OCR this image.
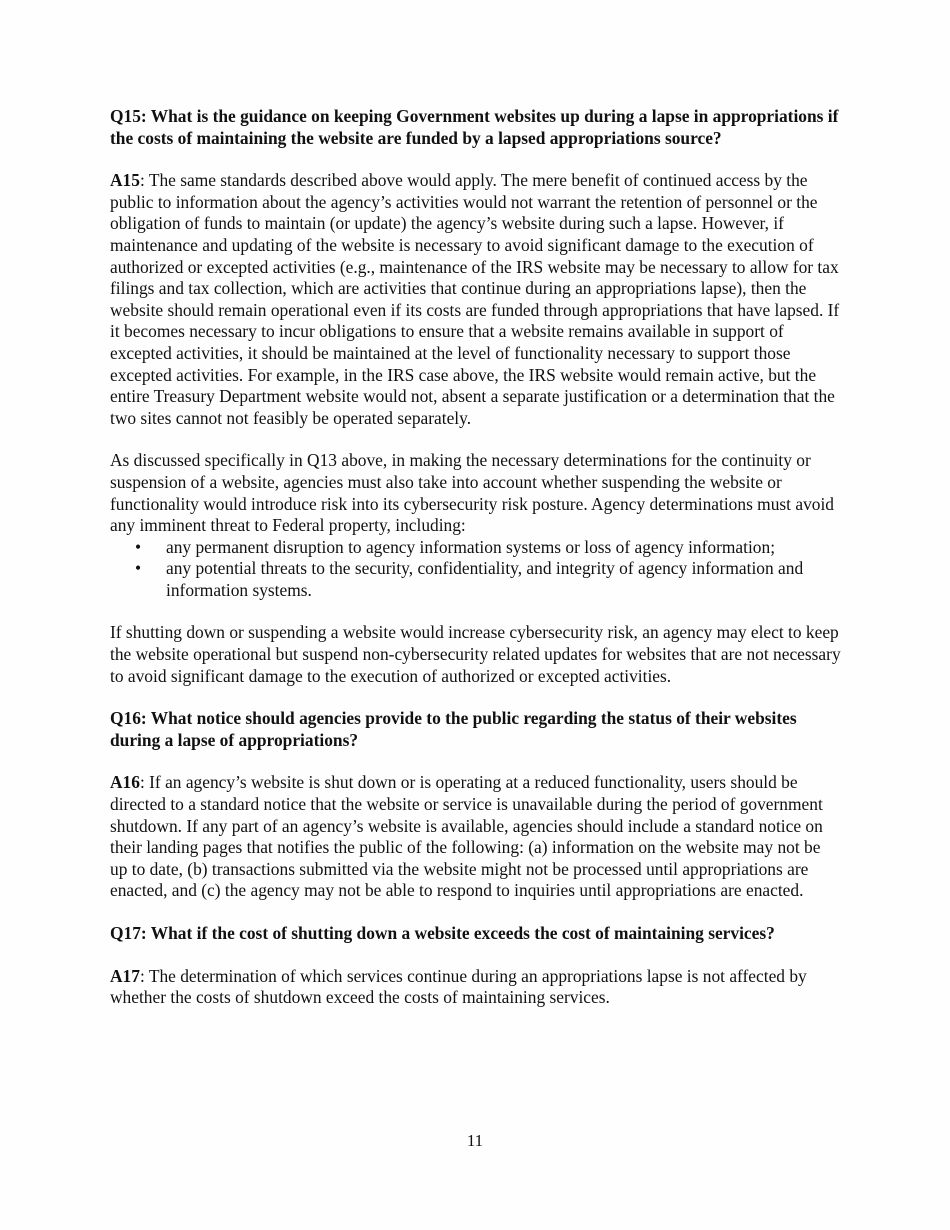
Q15: What is the guidance on keeping Government websites up during a lapse in appropriations if the costs of maintaining the website are funded by a lapsed appropriations source?

A15: The same standards described above would apply. The mere benefit of continued access by the public to information about the agency’s activities would not warrant the retention of personnel or the obligation of funds to maintain (or update) the agency’s website during such a lapse. However, if maintenance and updating of the website is necessary to avoid significant damage to the execution of authorized or excepted activities (e.g., maintenance of the IRS website may be necessary to allow for tax filings and tax collection, which are activities that continue during an appropriations lapse), then the website should remain operational even if its costs are funded through appropriations that have lapsed. If it becomes necessary to incur obligations to ensure that a website remains available in support of excepted activities, it should be maintained at the level of functionality necessary to support those excepted activities. For example, in the IRS case above, the IRS website would remain active, but the entire Treasury Department website would not, absent a separate justification or a determination that the two sites cannot not feasibly be operated separately.

As discussed specifically in Q13 above, in making the necessary determinations for the continuity or suspension of a website, agencies must also take into account whether suspending the website or functionality would introduce risk into its cybersecurity risk posture. Agency determinations must avoid any imminent threat to Federal property, including:

• any permanent disruption to agency information systems or loss of agency information;
• any potential threats to the security, confidentiality, and integrity of agency information and information systems.

If shutting down or suspending a website would increase cybersecurity risk, an agency may elect to keep the website operational but suspend non-cybersecurity related updates for websites that are not necessary to avoid significant damage to the execution of authorized or excepted activities.

Q16: What notice should agencies provide to the public regarding the status of their websites during a lapse of appropriations?

A16: If an agency’s website is shut down or is operating at a reduced functionality, users should be directed to a standard notice that the website or service is unavailable during the period of government shutdown. If any part of an agency’s website is available, agencies should include a standard notice on their landing pages that notifies the public of the following: (a) information on the website may not be up to date, (b) transactions submitted via the website might not be processed until appropriations are enacted, and (c) the agency may not be able to respond to inquiries until appropriations are enacted.

Q17: What if the cost of shutting down a website exceeds the cost of maintaining services?

A17: The determination of which services continue during an appropriations lapse is not affected by whether the costs of shutdown exceed the costs of maintaining services.

11
